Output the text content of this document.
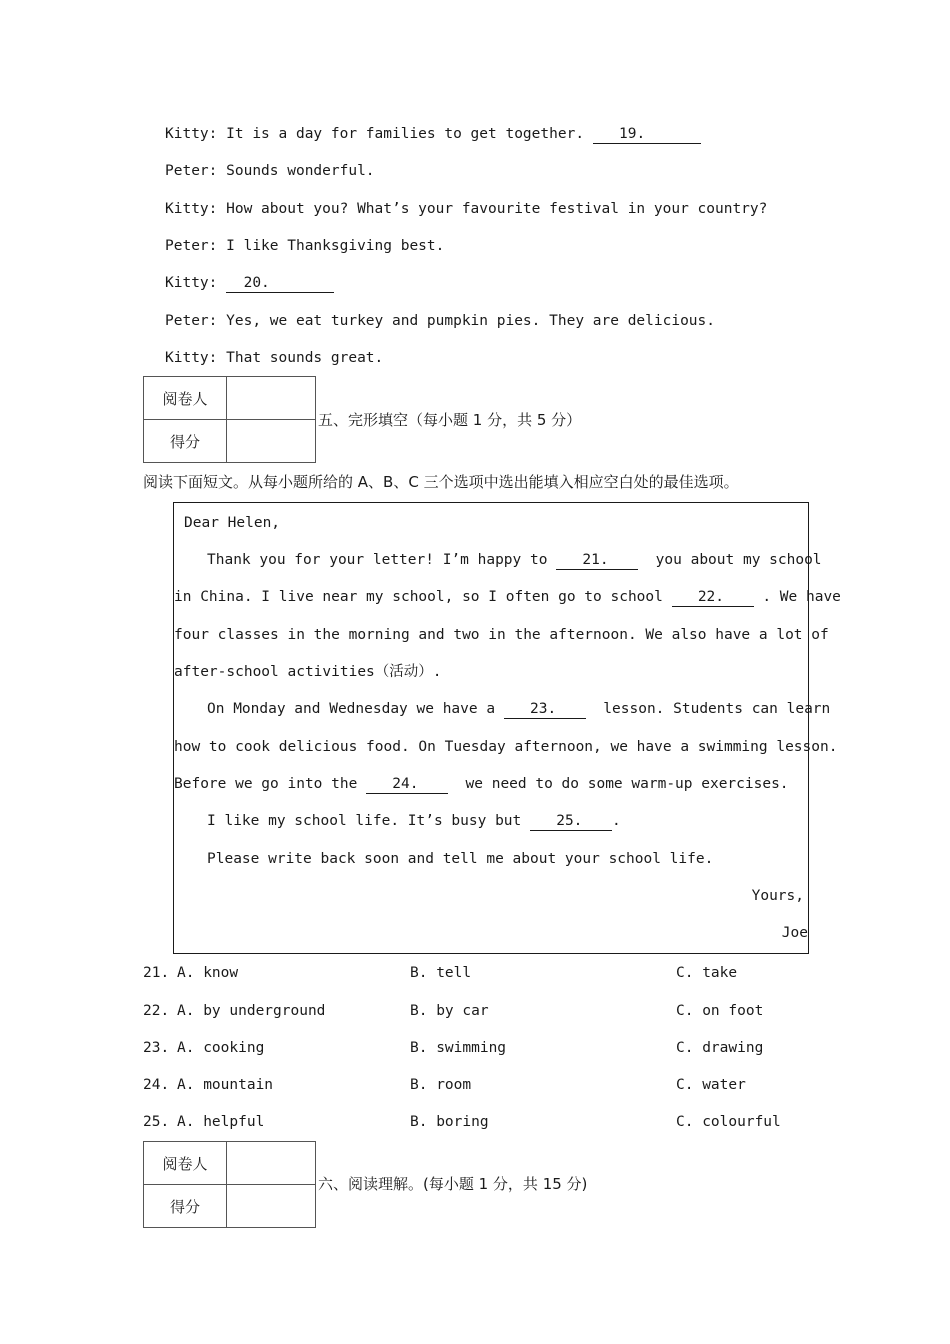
Kitty: It is a day for families to get together. 19.
Peter: Sounds wonderful.
Kitty: How about you? What’s your favourite festival in your country?
Peter: I like Thanksgiving best.
Kitty: 20.
Peter: Yes, we eat turkey and pumpkin pies. They are delicious.
Kitty: That sounds great.
阅卷人	
得分	
五、完形填空（每小题 1 分，共 5 分）
阅读下面短文。从每小题所给的 A、B、C 三个选项中选出能填入相应空白处的最佳选项。
Dear Helen,
Thank you for your letter! I’m happy to 21.	you about my school
in China. I live near my school, so I often go to school 22.	. We have
four classes in the morning and two in the afternoon. We also have a lot of
after-school activities（活动）.
On Monday and Wednesday we have a 23.	lesson. Students can learn
how to cook delicious food. On Tuesday afternoon, we have a swimming lesson.
Before we go into the 24.	we need to do some warm-up exercises.
I like my school life. It’s busy but 25. .
Please write back soon and tell me about your school life.
Yours,
Joe
21. A. know	B. tell	C. take
22. A. by underground	B. by car	C. on foot
23. A. cooking	B. swimming	C. drawing
24. A. mountain	B. room	C. water
25. A. helpful	B. boring	C. colourful
阅卷人	
得分	
六、阅读理解。(每小题 1 分，共 15 分)
